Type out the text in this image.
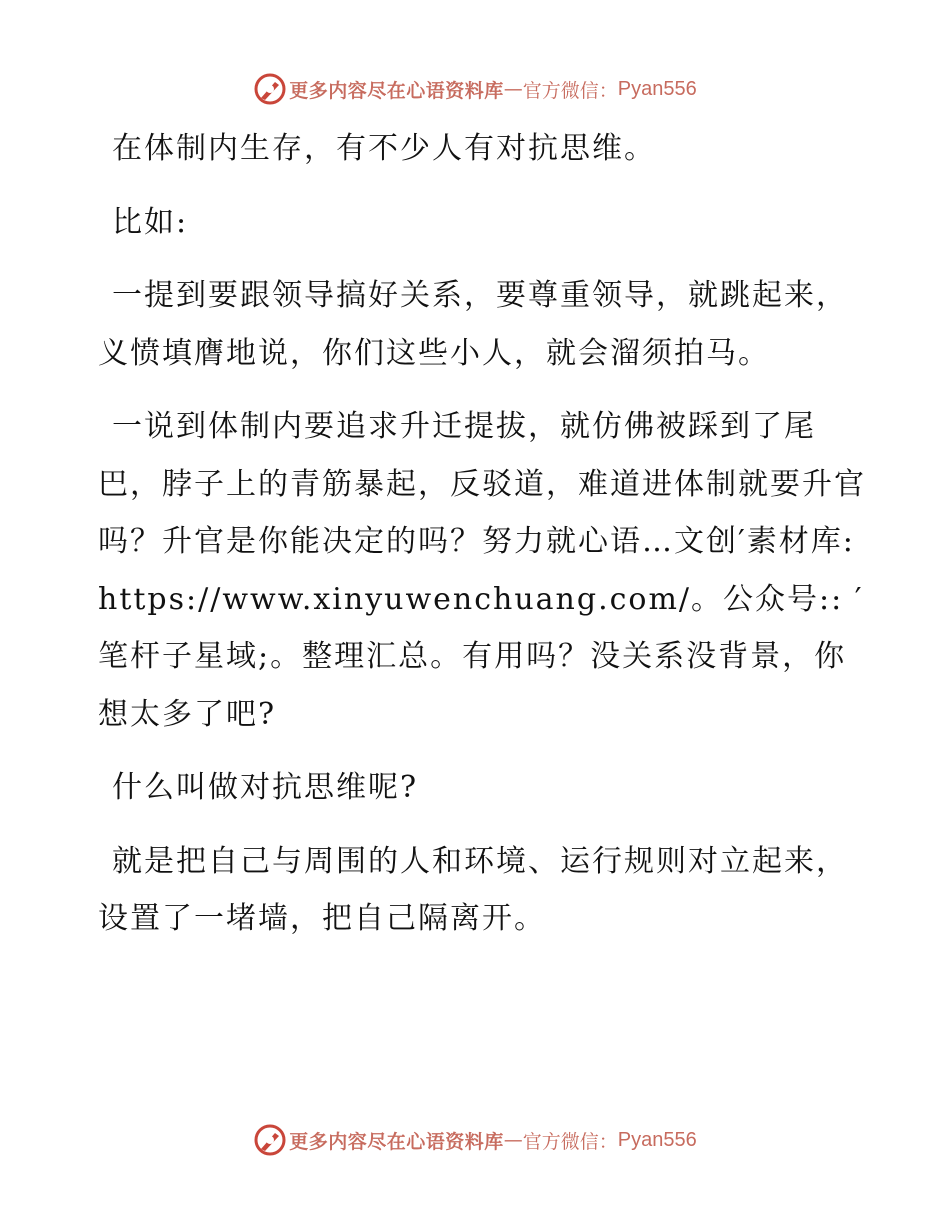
更多内容尽在心语资料库 — 官方微信： Pyan556

在体制内生存，有不少人有对抗思维。

比如:

一提到要跟领导搞好关系，要尊重领导，就跳起来，义愤填膺地说，你们这些小人，就会溜须拍马。

一说到体制内要追求升迁提拔，就仿佛被踩到了尾巴，脖子上的青筋暴起，反驳道，难道进体制就要升官吗？升官是你能决定的吗？努力就心语…文创′素材库: https://www.xinyuwenchuang.com/。公众号:: ′笔杆子星域;。整理汇总。有用吗？没关系没背景，你想太多了吧?

什么叫做对抗思维呢?

就是把自己与周围的人和环境、运行规则对立起来，设置了一堵墙，把自己隔离开。

更多内容尽在心语资料库 — 官方微信： Pyan556
